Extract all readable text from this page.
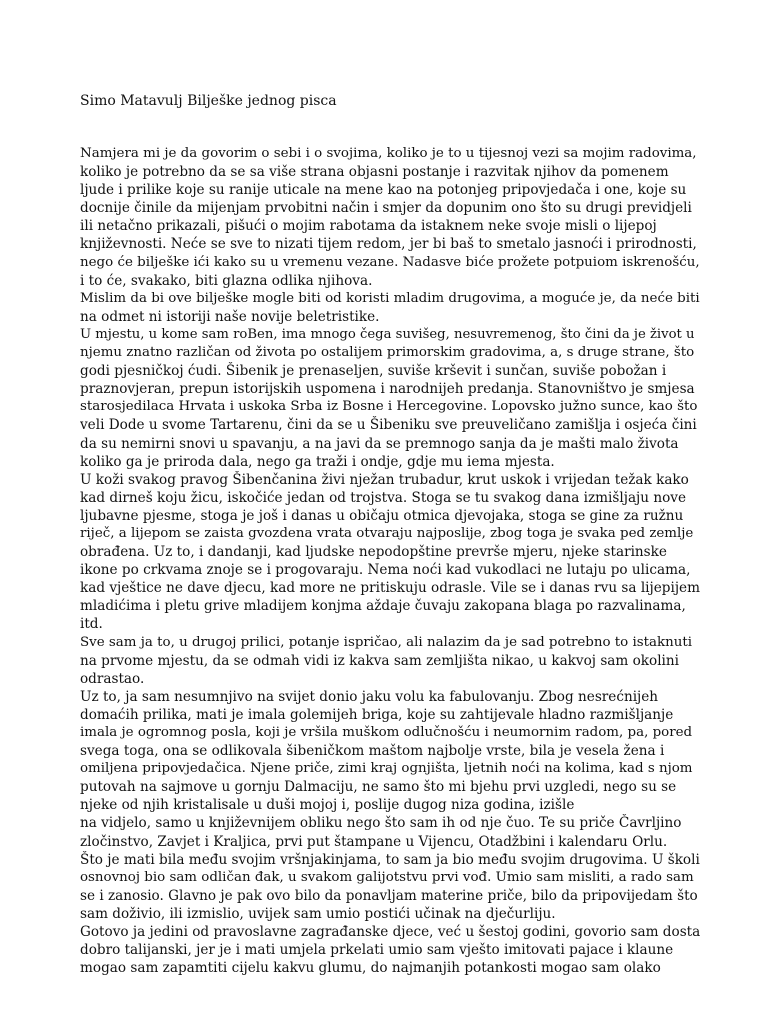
Simo Matavulj Bilješke jednog pisca
Namjera mi je da govorim o sebi i o svojima, koliko je to u tijesnoj vezi sa mojim radovima,
koliko je potrebno da se sa više strana objasni postanje i razvitak njihov da pomenem
ljude i prilike koje su ranije uticale na mene kao na potonjeg pripovjedača i one, koje su
docnije činile da mijenjam prvobitni način i smjer da dopunim ono što su drugi previdjeli
ili netačno prikazali, pišući o mojim rabotama da istaknem neke svoje misli o lijepoj
književnosti. Neće se sve to nizati tijem redom, jer bi baš to smetalo jasnoći i prirodnosti,
nego će bilješke ići kako su u vremenu vezane. Nadasve biće prožete potpuiom iskrenošću,
i to će, svakako, biti glazna odlika njihova.
Mislim da bi ove bilješke mogle biti od koristi mladim drugovima, a moguće je, da neće biti
na odmet ni istoriji naše novije beletristike.
U mjestu, u kome sam roBen, ima mnogo čega suvišeg, nesuvremenog, što čini da je život u
njemu znatno različan od života po ostalijem primorskim gradovima, a, s druge strane, što
godi pjesničkoj ćudi. Šibenik je prenaseljen, suviše krševit i sunčan, suviše pobožan i
praznovjeran, prepun istorijskih uspomena i narodnijeh predanja. Stanovništvo je smjesa
starosjedilaca Hrvata i uskoka Srba iz Bosne i Hercegovine. Lopovsko južno sunce, kao što
veli Dode u svome Tartarenu, čini da se u Šibeniku sve preuveličano zamišlja i osjeća čini
da su nemirni snovi u spavanju, a na javi da se premnogo sanja da je mašti malo života
koliko ga je priroda dala, nego ga traži i ondje, gdje mu iema mjesta.
U koži svakog pravog Šibenčanina živi nježan trubadur, krut uskok i vrijedan težak kako
kad dirneš koju žicu, iskočiće jedan od trojstva. Stoga se tu svakog dana izmišljaju nove
ljubavne pjesme, stoga je još i danas u običaju otmica djevojaka, stoga se gine za ružnu
riječ, a lijepom se zaista gvozdena vrata otvaraju najposlije, zbog toga je svaka ped zemlje
obrađena. Uz to, i dandanji, kad ljudske nepodopštine prevrše mjeru, njeke starinske
ikone po crkvama znoje se i progovaraju. Nema noći kad vukodlaci ne lutaju po ulicama,
kad vještice ne dave djecu, kad more ne pritiskuju odrasle. Vile se i danas rvu sa lijepijem
mladićima i pletu grive mladijem konjma aždaje čuvaju zakopana blaga po razvalinama,
itd.
Sve sam ja to, u drugoj prilici, potanje ispričao, ali nalazim da je sad potrebno to istaknuti
na prvome mjestu, da se odmah vidi iz kakva sam zemljišta nikao, u kakvoj sam okolini
odrastao.
Uz to, ja sam nesumnjivo na svijet donio jaku volu ka fabulovanju. Zbog nesrećnijeh
domaćih prilika, mati je imala golemijeh briga, koje su zahtijevale hladno razmišljanje
imala je ogromnog posla, koji je vršila muškom odlučnošću i neumornim radom, pa, pored
svega toga, ona se odlikovala šibeničkom maštom najbolje vrste, bila je vesela žena i
omiljena pripovjedačica. Njene priče, zimi kraj ognjišta, ljetnih noći na kolima, kad s njom
putovah na sajmove u gornju Dalmaciju, ne samo što mi bjehu prvi uzgledi, nego su se
njeke od njih kristalisale u duši mojoj i, poslije dugog niza godina, izišle
na vidjelo, samo u književnijem obliku nego što sam ih od nje čuo. Te su priče Čavrljino
zločinstvo, Zavjet i Kraljica, prvi put štampane u Vijencu, Otadžbini i kalendaru Orlu.
Što je mati bila među svojim vršnjakinjama, to sam ja bio među svojim drugovima. U školi
osnovnoj bio sam odličan đak, u svakom galijotstvu prvi vođ. Umio sam misliti, a rado sam
se i zanosio. Glavno je pak ovo bilo da ponavljam materine priče, bilo da pripovijedam što
sam doživio, ili izmislio, uvijek sam umio postići učinak na dječurliju.
Gotovo ja jedini od pravoslavne zagrađanske djece, već u šestoj godini, govorio sam dosta
dobro talijanski, jer je i mati umjela prkelati umio sam vješto imitovati pajace i klaune
mogao sam zapamtiti cijelu kakvu glumu, do najmanjih potankosti mogao sam olako
